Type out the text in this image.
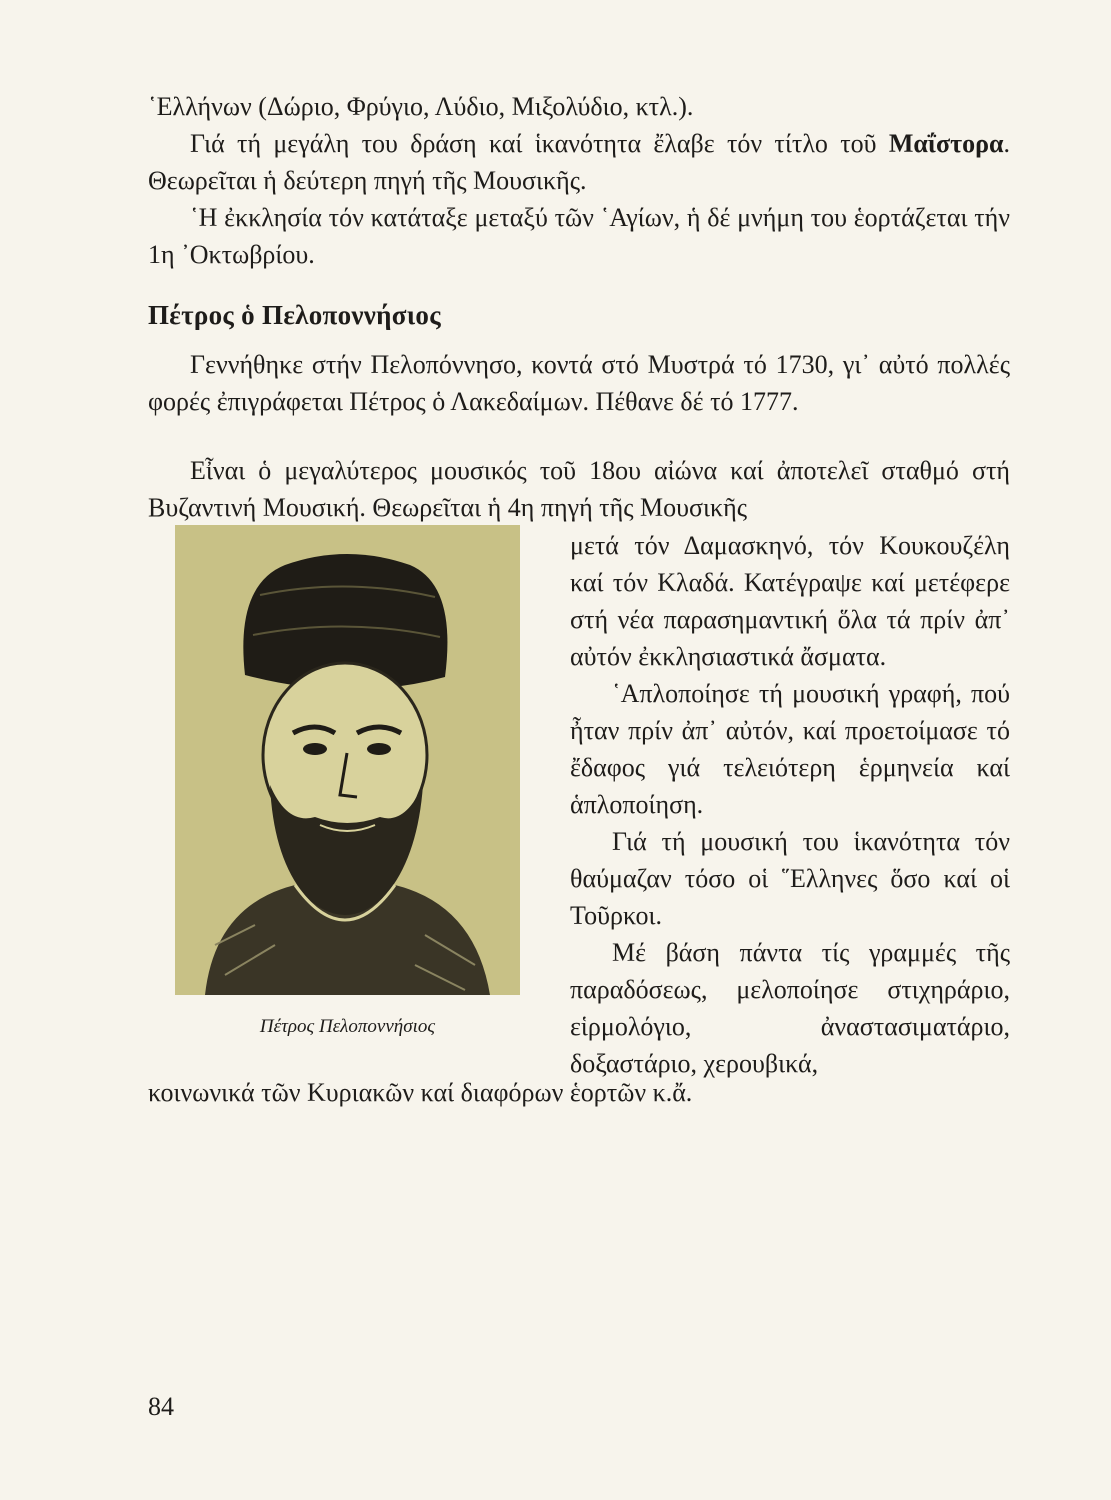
῾Ελλήνων (Δώριο, Φρύγιο, Λύδιο, Μιξολύδιο, κτλ.).

Γιά τή μεγάλη του δράση καί ἱκανότητα ἔλαβε τόν τίτλο τοῦ Μαΐστορα. Θεωρεῖται ἡ δεύτερη πηγή τῆς Μουσικῆς.

῾Η ἐκκλησία τόν κατάταξε μεταξύ τῶν ῾Αγίων, ἡ δέ μνήμη του ἑορτάζεται τήν 1η ᾿Οκτωβρίου.

Πέτρος ὁ Πελοποννήσιος

Γεννήθηκε στήν Πελοπόννησο, κοντά στό Μυστρά τό 1730, γι᾿ αὐτό πολλές φορές ἐπιγράφεται Πέτρος ὁ Λακεδαίμων. Πέθανε δέ τό 1777.

Εἶναι ὁ μεγαλύτερος μουσικός τοῦ 18ου αἰώνα καί ἀποτελεῖ σταθμό στή Βυζαντινή Μουσική. Θεωρεῖται ἡ 4η πηγή τῆς Μουσικῆς

Πέτρος Πελοποννήσιος

μετά τόν Δαμασκηνό, τόν Κουκουζέλη καί τόν Κλαδά. Κατέγραψε καί μετέφερε στή νέα παρασημαντική ὅλα τά πρίν ἀπ᾿ αὐτόν ἐκκλησιαστικά ἄσματα.

῾Απλοποίησε τή μουσική γραφή, πού ἦταν πρίν ἀπ᾿ αὐτόν, καί προετοίμασε τό ἔδαφος γιά τελειότερη ἑρμηνεία καί ἁπλοποίηση.

Γιά τή μουσική του ἱκανότητα τόν θαύμαζαν τόσο οἱ ῞Ελληνες ὅσο καί οἱ Τοῦρκοι.

Μέ βάση πάντα τίς γραμμές τῆς παραδόσεως, μελοποίησε στιχηράριο, εἱρμολόγιο, ἀναστασιματάριο, δοξαστάριο, χερουβικά,

κοινωνικά τῶν Κυριακῶν καί διαφόρων ἑορτῶν κ.ἄ.
84
